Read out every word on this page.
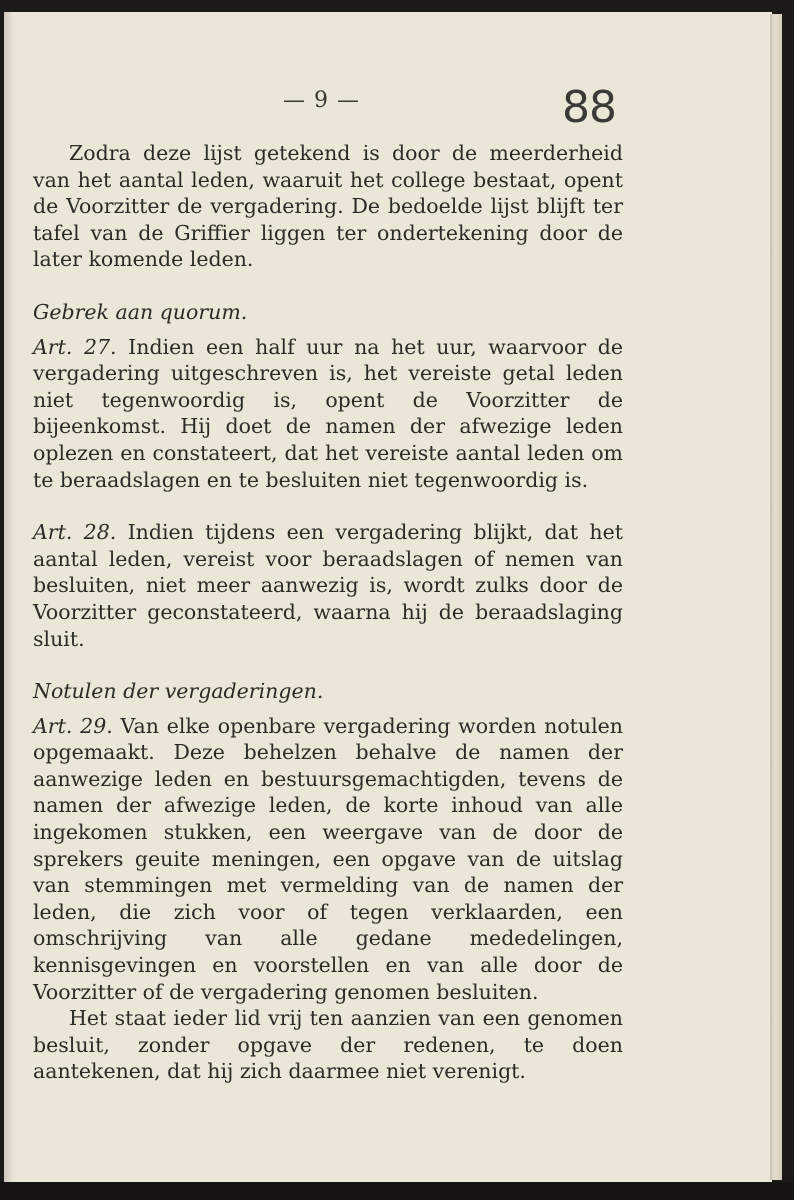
— 9 —	88

Zodra deze lijst getekend is door de meerderheid van het aantal leden, waaruit het college bestaat, opent de Voorzitter de vergadering. De bedoelde lijst blijft ter tafel van de Griffier liggen ter ondertekening door de later komende leden.

Gebrek aan quorum.

Art. 27. Indien een half uur na het uur, waarvoor de vergadering uitgeschreven is, het vereiste getal leden niet tegenwoordig is, opent de Voorzitter de bijeenkomst. Hij doet de namen der afwezige leden oplezen en constateert, dat het vereiste aantal leden om te beraadslagen en te besluiten niet tegenwoordig is.

Art. 28. Indien tijdens een vergadering blijkt, dat het aantal leden, vereist voor beraadslagen of nemen van besluiten, niet meer aanwezig is, wordt zulks door de Voorzitter geconstateerd, waarna hij de beraadslaging sluit.

Notulen der vergaderingen.

Art. 29. Van elke openbare vergadering worden notulen opgemaakt. Deze behelzen behalve de namen der aanwezige leden en bestuursgemachtigden, tevens de namen der afwezige leden, de korte inhoud van alle ingekomen stukken, een weergave van de door de sprekers geuite meningen, een opgave van de uitslag van stemmingen met vermelding van de namen der leden, die zich voor of tegen verklaarden, een omschrijving van alle gedane mededelingen, kennisgevingen en voorstellen en van alle door de Voorzitter of de vergadering genomen besluiten.

Het staat ieder lid vrij ten aanzien van een genomen besluit, zonder opgave der redenen, te doen aantekenen, dat hij zich daarmee niet verenigt.
